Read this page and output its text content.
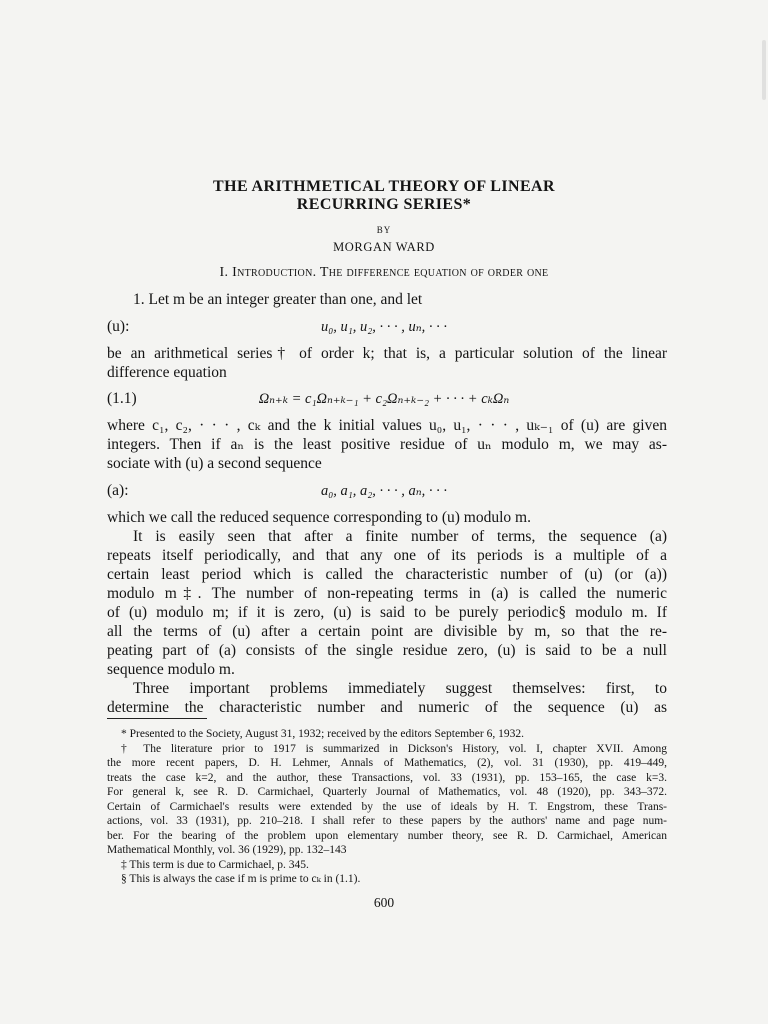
THE ARITHMETICAL THEORY OF LINEAR
RECURRING SERIES*
BY
MORGAN WARD
I. Introduction. The difference equation of order one
1. Let m be an integer greater than one, and let
(u):	u₀, u₁, u₂, · · · , uₙ, · · ·
be an arithmetical series† of order k; that is, a particular solution of the linear
difference equation
(1.1)	Ωₙ₊ₖ = c₁Ωₙ₊ₖ₋₁ + c₂Ωₙ₊ₖ₋₂ + · · · + cₖΩₙ
where c₁, c₂, · · · , cₖ and the k initial values u₀, u₁, · · · , uₖ₋₁ of (u) are given
integers. Then if aₙ is the least positive residue of uₙ modulo m, we may as-
sociate with (u) a second sequence
(a):	a₀, a₁, a₂, · · · , aₙ, · · ·
which we call the reduced sequence corresponding to (u) modulo m.
It is easily seen that after a finite number of terms, the sequence (a)
repeats itself periodically, and that any one of its periods is a multiple of a
certain least period which is called the characteristic number of (u) (or (a))
modulo m‡. The number of non-repeating terms in (a) is called the numeric
of (u) modulo m; if it is zero, (u) is said to be purely periodic§ modulo m. If
all the terms of (u) after a certain point are divisible by m, so that the re-
peating part of (a) consists of the single residue zero, (u) is said to be a null
sequence modulo m.
Three important problems immediately suggest themselves: first, to
determine the characteristic number and numeric of the sequence (u) as
* Presented to the Society, August 31, 1932; received by the editors September 6, 1932.
† The literature prior to 1917 is summarized in Dickson's History, vol. I, chapter XVII. Among
the more recent papers, D. H. Lehmer, Annals of Mathematics, (2), vol. 31 (1930), pp. 419–449,
treats the case k=2, and the author, these Transactions, vol. 33 (1931), pp. 153–165, the case k=3.
For general k, see R. D. Carmichael, Quarterly Journal of Mathematics, vol. 48 (1920), pp. 343–372.
Certain of Carmichael's results were extended by the use of ideals by H. T. Engstrom, these Trans-
actions, vol. 33 (1931), pp. 210–218. I shall refer to these papers by the authors' name and page num-
ber. For the bearing of the problem upon elementary number theory, see R. D. Carmichael, American
Mathematical Monthly, vol. 36 (1929), pp. 132–143
‡ This term is due to Carmichael, p. 345.
§ This is always the case if m is prime to cₖ in (1.1).
600
